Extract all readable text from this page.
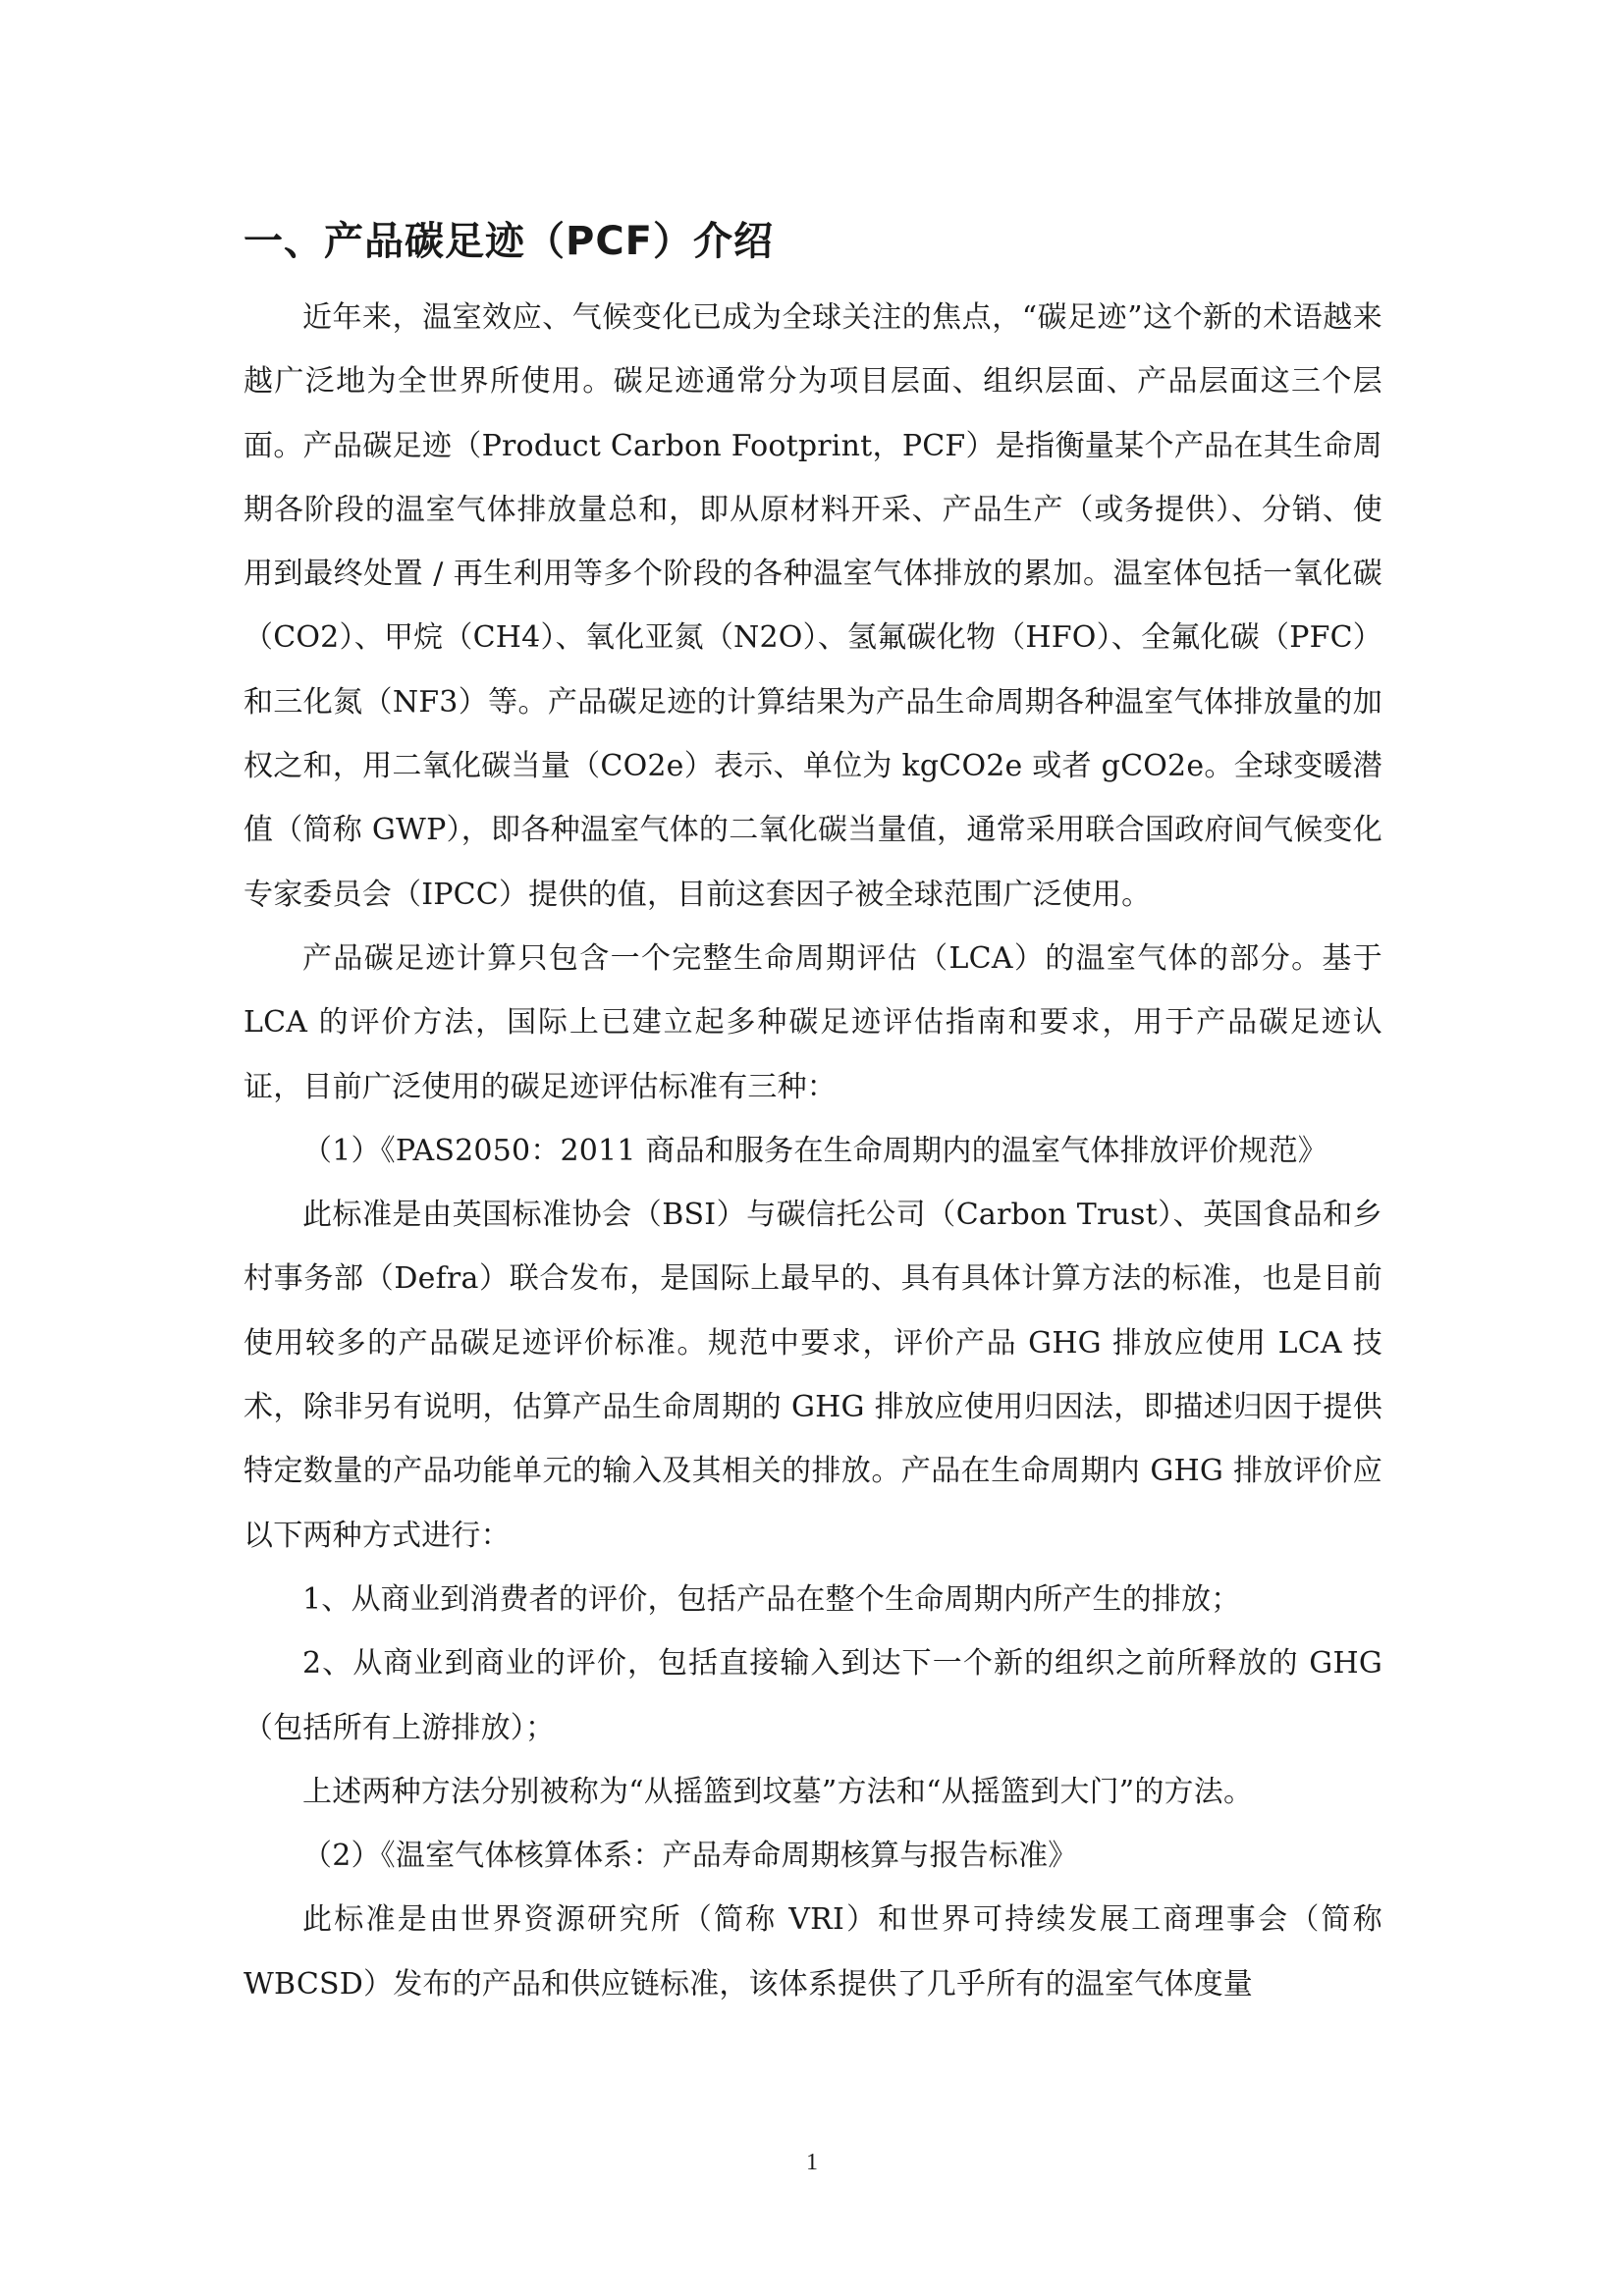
一、产品碳足迹（PCF）介绍

近年来，温室效应、气候变化已成为全球关注的焦点，“碳足迹”这个新的术语越来越广泛地为全世界所使用。碳足迹通常分为项目层面、组织层面、产品层面这三个层面。产品碳足迹（Product Carbon Footprint，PCF）是指衡量某个产品在其生命周期各阶段的温室气体排放量总和，即从原材料开采、产品生产（或务提供）、分销、使用到最终处置 / 再生利用等多个阶段的各种温室气体排放的累加。温室体包括一氧化碳（CO2）、甲烷（CH4）、氧化亚氮（N2O）、氢氟碳化物（HFO）、全氟化碳（PFC）和三化氮（NF3）等。产品碳足迹的计算结果为产品生命周期各种温室气体排放量的加权之和，用二氧化碳当量（CO2e）表示、单位为 kgCO2e 或者 gCO2e。全球变暖潜值（简称 GWP），即各种温室气体的二氧化碳当量值，通常采用联合国政府间气候变化专家委员会（IPCC）提供的值，目前这套因子被全球范围广泛使用。

产品碳足迹计算只包含一个完整生命周期评估（LCA）的温室气体的部分。基于 LCA 的评价方法，国际上已建立起多种碳足迹评估指南和要求，用于产品碳足迹认证，目前广泛使用的碳足迹评估标准有三种：

（1）《PAS2050：2011 商品和服务在生命周期内的温室气体排放评价规范》

此标准是由英国标准协会（BSI）与碳信托公司（Carbon Trust）、英国食品和乡村事务部（Defra）联合发布，是国际上最早的、具有具体计算方法的标准，也是目前使用较多的产品碳足迹评价标准。规范中要求，评价产品 GHG 排放应使用 LCA 技术，除非另有说明，估算产品生命周期的 GHG 排放应使用归因法，即描述归因于提供特定数量的产品功能单元的输入及其相关的排放。产品在生命周期内 GHG 排放评价应以下两种方式进行：

1、从商业到消费者的评价，包括产品在整个生命周期内所产生的排放；

2、从商业到商业的评价，包括直接输入到达下一个新的组织之前所释放的 GHG（包括所有上游排放）；

上述两种方法分别被称为“从摇篮到坟墓”方法和“从摇篮到大门”的方法。

（2）《温室气体核算体系：产品寿命周期核算与报告标准》

此标准是由世界资源研究所（简称 VRI）和世界可持续发展工商理事会（简称 WBCSD）发布的产品和供应链标准，该体系提供了几乎所有的温室气体度量

1
